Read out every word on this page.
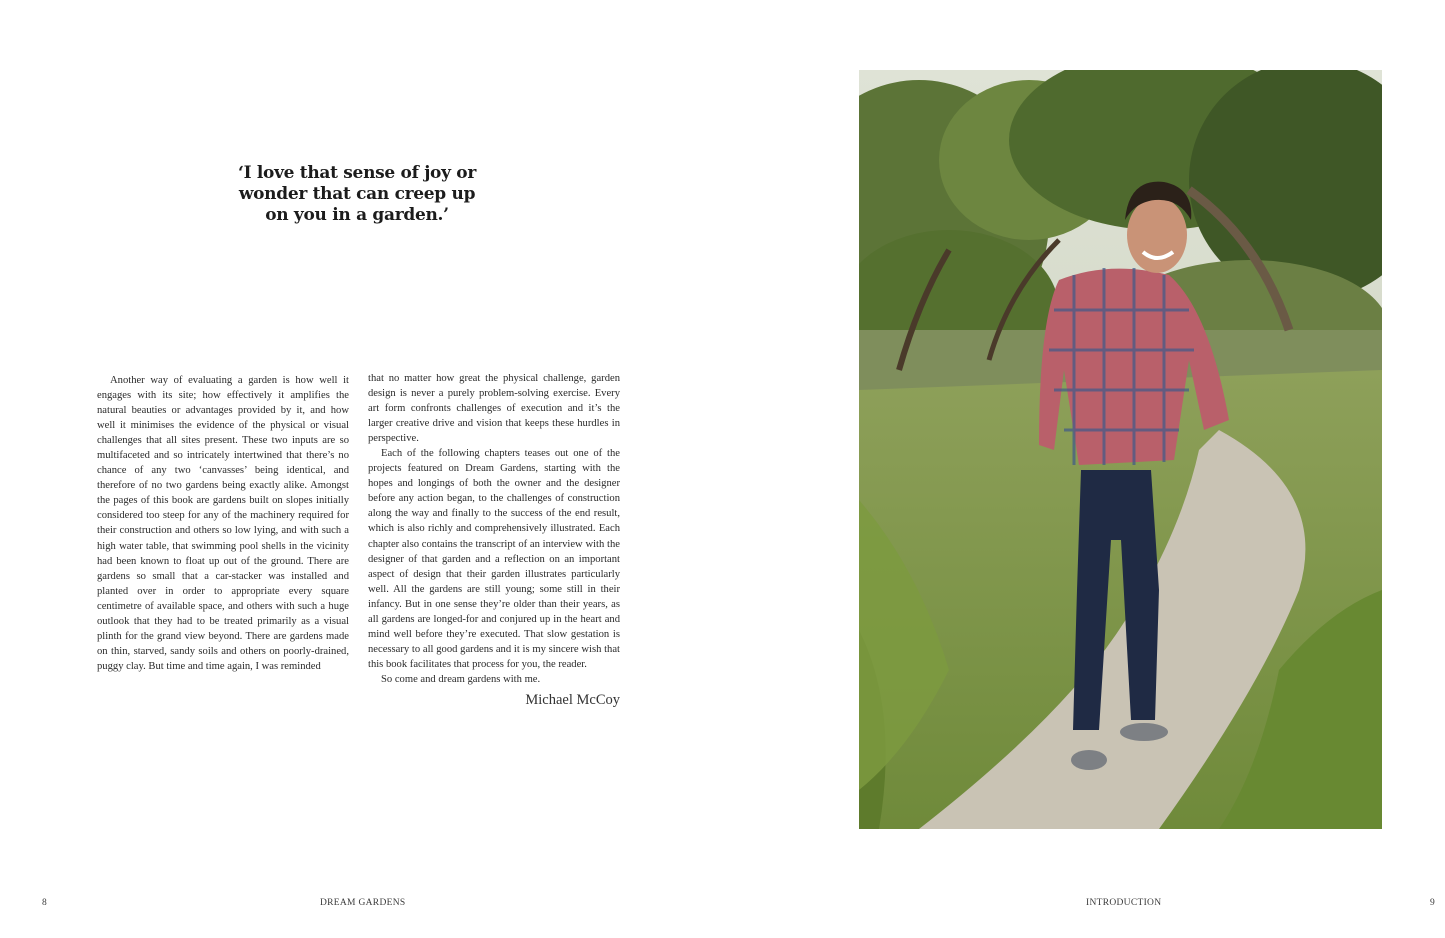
‘I love that sense of joy or
wonder that can creep up
on you in a garden.’

Another way of evaluating a garden is how well it engages with its site; how effectively it amplifies the natural beauties or advantages provided by it, and how well it minimises the evidence of the physical or visual challenges that all sites present. These two inputs are so multifaceted and so intricately intertwined that there’s no chance of any two ‘canvasses’ being identical, and therefore of no two gardens being exactly alike. Amongst the pages of this book are gardens built on slopes initially considered too steep for any of the machinery required for their construction and others so low lying, and with such a high water table, that swimming pool shells in the vicinity had been known to float up out of the ground. There are gardens so small that a car-stacker was installed and planted over in order to appropriate every square centimetre of available space, and others with such a huge outlook that they had to be treated primarily as a visual plinth for the grand view beyond. There are gardens made on thin, starved, sandy soils and others on poorly-drained, puggy clay. But time and time again, I was reminded

that no matter how great the physical challenge, garden design is never a purely problem-solving exercise. Every art form confronts challenges of execution and it’s the larger creative drive and vision that keeps these hurdles in perspective.

Each of the following chapters teases out one of the projects featured on Dream Gardens, starting with the hopes and longings of both the owner and the designer before any action began, to the challenges of construction along the way and finally to the success of the end result, which is also richly and comprehensively illustrated. Each chapter also contains the transcript of an interview with the designer of that garden and a reflection on an important aspect of design that their garden illustrates particularly well. All the gardens are still young; some still in their infancy. But in one sense they’re older than their years, as all gardens are longed-for and conjured up in the heart and mind well before they’re executed. That slow gestation is necessary to all good gardens and it is my sincere wish that this book facilitates that process for you, the reader.

So come and dream gardens with me.

Michael McCoy
8	DREAM GARDENS	INTRODUCTION	9
